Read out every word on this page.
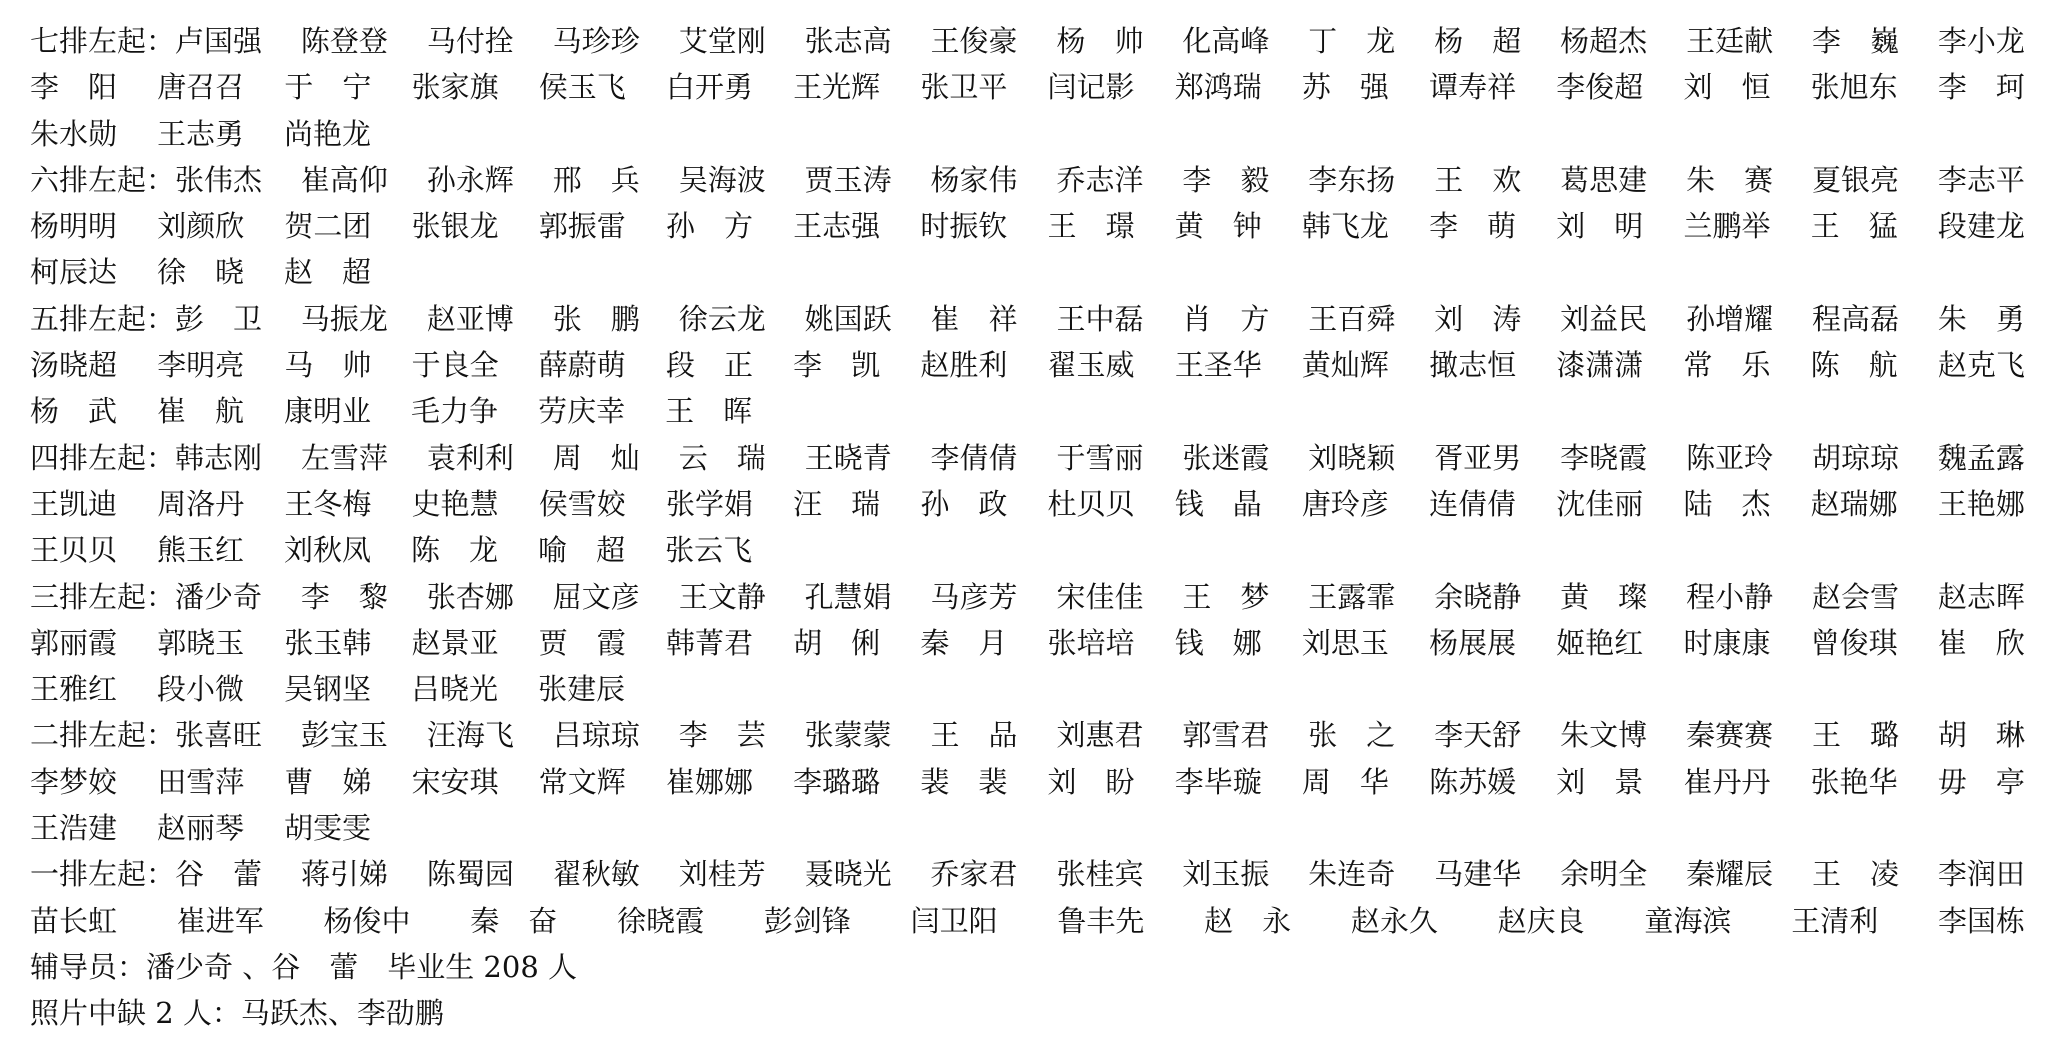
七排左起：卢国强 陈登登 马付拴 马珍珍 艾堂刚 张志高 王俊豪 杨　帅 化高峰 丁　龙 杨　超 杨超杰 王廷献 李　巍 李小龙
李　阳 唐召召 于　宁 张家旗 侯玉飞 白开勇 王光辉 张卫平 闫记影 郑鸿瑞 苏　强 谭寿祥 李俊超 刘　恒 张旭东 李　珂
朱水勋 王志勇 尚艳龙
六排左起：张伟杰 崔高仰 孙永辉 邢　兵 吴海波 贾玉涛 杨家伟 乔志洋 李　毅 李东扬 王　欢 葛思建 朱　赛 夏银亮 李志平
杨明明 刘颜欣 贺二团 张银龙 郭振雷 孙　方 王志强 时振钦 王　璟 黄　钟 韩飞龙 李　萌 刘　明 兰鹏举 王　猛 段建龙
柯辰达 徐　晓 赵　超
五排左起：彭　卫 马振龙 赵亚博 张　鹏 徐云龙 姚国跃 崔　祥 王中磊 肖　方 王百舜 刘　涛 刘益民 孙增耀 程高磊 朱　勇
汤晓超 李明亮 马　帅 于良全 薛蔚萌 段　正 李　凯 赵胜利 翟玉威 王圣华 黄灿辉 撖志恒 漆潇潇 常　乐 陈　航 赵克飞
杨　武 崔　航 康明业 毛力争 劳庆幸 王　晖
四排左起：韩志刚 左雪萍 袁利利 周　灿 云　瑞 王晓青 李倩倩 于雪丽 张迷霞 刘晓颖 胥亚男 李晓霞 陈亚玲 胡琼琼 魏孟露
王凯迪 周洛丹 王冬梅 史艳慧 侯雪姣 张学娟 汪　瑞 孙　政 杜贝贝 钱　晶 唐玲彦 连倩倩 沈佳丽 陆　杰 赵瑞娜 王艳娜
王贝贝 熊玉红 刘秋凤 陈　龙 喻　超 张云飞
三排左起：潘少奇 李　黎 张杏娜 屈文彦 王文静 孔慧娟 马彦芳 宋佳佳 王　梦 王露霏 余晓静 黄　璨 程小静 赵会雪 赵志晖
郭丽霞 郭晓玉 张玉韩 赵景亚 贾　霞 韩菁君 胡　俐 秦　月 张培培 钱　娜 刘思玉 杨展展 姬艳红 时康康 曾俊琪 崔　欣
王雅红 段小微 吴钢坚 吕晓光 张建辰
二排左起：张喜旺 彭宝玉 汪海飞 吕琼琼 李　芸 张蒙蒙 王　品 刘惠君 郭雪君 张　之 李天舒 朱文博 秦赛赛 王　璐 胡　琳
李梦姣 田雪萍 曹　娣 宋安琪 常文辉 崔娜娜 李璐璐 裴　裴 刘　盼 李毕璇 周　华 陈苏媛 刘　景 崔丹丹 张艳华 毋　亭
王浩建 赵丽琴 胡雯雯
一排左起：谷　蕾 蒋引娣 陈蜀园 翟秋敏 刘桂芳 聂晓光 乔家君 张桂宾 刘玉振 朱连奇 马建华 余明全 秦耀辰 王　凌 李润田
苗长虹 崔进军 杨俊中 秦　奋 徐晓霞 彭剑锋 闫卫阳 鲁丰先 赵　永 赵永久 赵庆良 童海滨 王清利 李国栋
辅导员：潘少奇 、谷　蕾　毕业生 208 人
照片中缺 2 人：马跃杰、李劭鹏
